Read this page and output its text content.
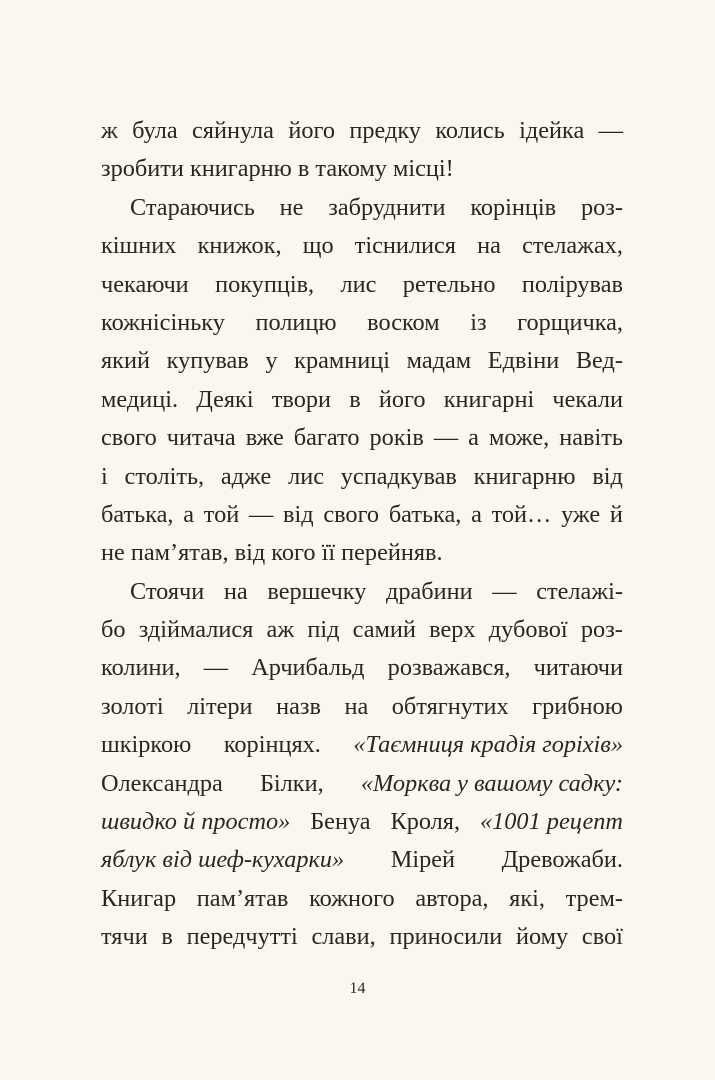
ж була сяйнула його предку колись ідейка —
зробити книгарню в такому місці!
Стараючись не забруднити корінців роз-
кішних книжок, що тіснилися на стелажах,
чекаючи покупців, лис ретельно полірував
кожнісіньку полицю воском із горщичка,
який купував у крамниці мадам Едвіни Вед-
медиці. Деякі твори в його книгарні чекали
свого читача вже багато років — а може, навіть
і століть, адже лис успадкував книгарню від
батька, а той — від свого батька, а той… уже й
не пам’ятав, від кого її перейняв.
Стоячи на вершечку драбини — стелажі-
бо здіймалися аж під самий верх дубової роз-
колини, — Арчибальд розважався, читаючи
золоті літери назв на обтягнутих грибною
шкіркою корінцях. «Таємниця крадія горіхів»
Олександра Білки, «Морква у вашому садку:
швидко й просто» Бенуа Кроля, «1001 рецепт
яблук від шеф-кухарки» Мірей Древожаби.
Книгар пам’ятав кожного автора, які, трем-
тячи в передчутті слави, приносили йому свої
14
